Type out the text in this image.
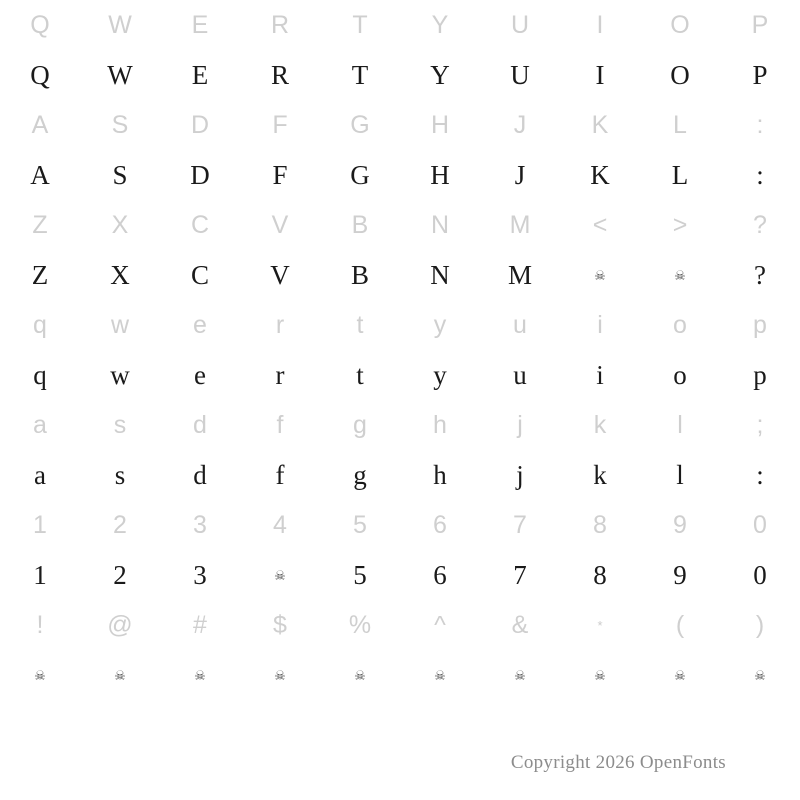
Q	W	E	R	T	Y	U	I	O	P
Q	W	E	R	T	Y	U	I	O	P
A	S	D	F	G	H	J	K	L	:
A	S	D	F	G	H	J	K	L	:
Z	X	C	V	B	N	M	<	>	?
Z	X	C	V	B	N	M	☠	☠	?
q	w	e	r	t	y	u	i	o	p
q	w	e	r	t	y	u	i	o	p
a	s	d	f	g	h	j	k	l	;
a	s	d	f	g	h	j	k	l	:
1	2	3	4	5	6	7	8	9	0
1	2	3	☠	5	6	7	8	9	0
!	@	#	$	%	^	&	*	(	)
☠	☠	☠	☠	☠	☠	☠	☠	☠	☠
Copyright 2026 OpenFonts
